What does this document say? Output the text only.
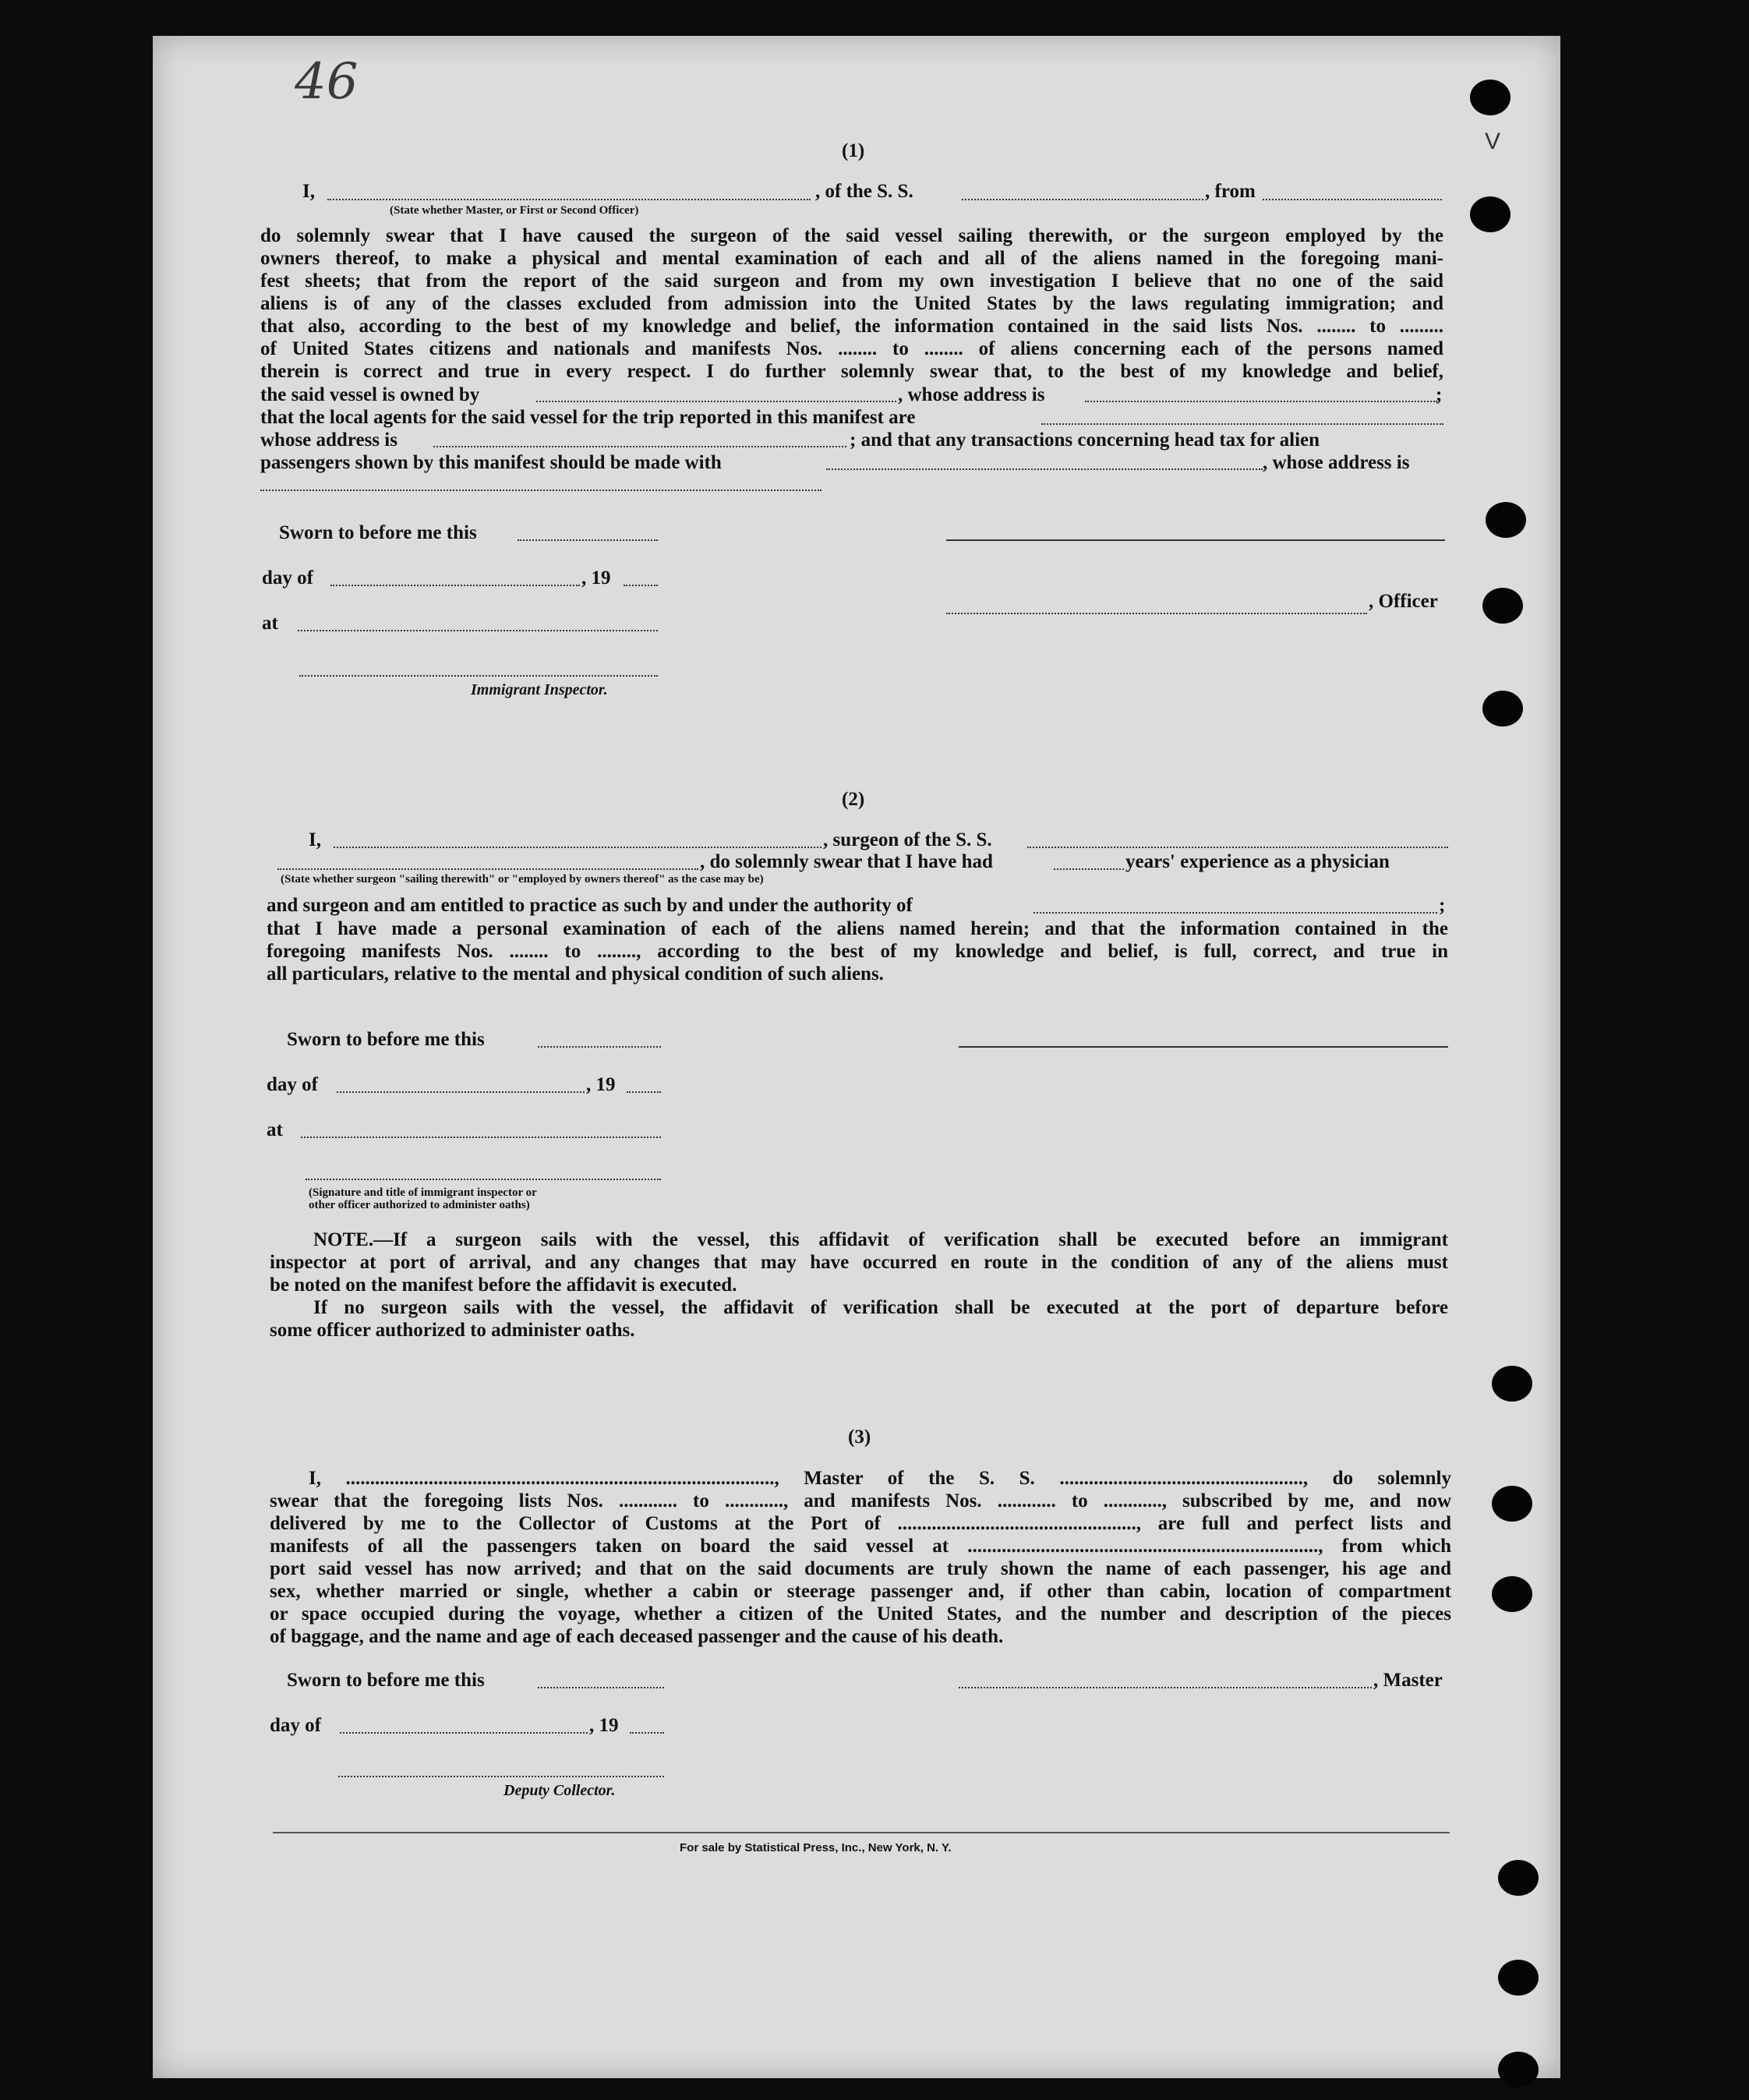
V
46
(1)
I,	, of the S. S.	, from
(State whether Master, or First or Second Officer)
do solemnly swear that I have caused the surgeon of the said vessel sailing therewith, or the surgeon employed by the
owners thereof, to make a physical and mental examination of each and all of the aliens named in the foregoing mani-
fest sheets; that from the report of the said surgeon and from my own investigation I believe that no one of the said
aliens is of any of the classes excluded from admission into the United States by the laws regulating immigration; and
that also, according to the best of my knowledge and belief, the information contained in the said lists Nos. ........ to .........
of United States citizens and nationals and manifests Nos. ........ to ........ of aliens concerning each of the persons named
therein is correct and true in every respect. I do further solemnly swear that, to the best of my knowledge and belief,
the said vessel is owned by	, whose address is	;
that the local agents for the said vessel for the trip reported in this manifest are
whose address is	; and that any transactions concerning head tax for alien
passengers shown by this manifest should be made with	, whose address is
Sworn to before me this
day of	, 19
, Officer
at
Immigrant Inspector.
(2)
I,	, surgeon of the S. S.
, do solemnly swear that I have had	years' experience as a physician
(State whether surgeon "sailing therewith" or "employed by owners thereof" as the case may be)
and surgeon and am entitled to practice as such by and under the authority of	;
that I have made a personal examination of each of the aliens named herein; and that the information contained in the
foregoing manifests Nos. ........ to ........, according to the best of my knowledge and belief, is full, correct, and true in
all particulars, relative to the mental and physical condition of such aliens.
Sworn to before me this
day of	, 19
at
(Signature and title of immigrant inspector or
other officer authorized to administer oaths)
NOTE.—If a surgeon sails with the vessel, this affidavit of verification shall be executed before an immigrant
inspector at port of arrival, and any changes that may have occurred en route in the condition of any of the aliens must
be noted on the manifest before the affidavit is executed.
If no surgeon sails with the vessel, the affidavit of verification shall be executed at the port of departure before
some officer authorized to administer oaths.
(3)
I, ........................................................................................, Master of the S. S. .................................................., do solemnly
swear that the foregoing lists Nos. ............ to ............, and manifests Nos. ............ to ............, subscribed by me, and now
delivered by me to the Collector of Customs at the Port of ................................................., are full and perfect lists and
manifests of all the passengers taken on board the said vessel at ........................................................................, from which
port said vessel has now arrived; and that on the said documents are truly shown the name of each passenger, his age and
sex, whether married or single, whether a cabin or steerage passenger and, if other than cabin, location of compartment
or space occupied during the voyage, whether a citizen of the United States, and the number and description of the pieces
of baggage, and the name and age of each deceased passenger and the cause of his death.
Sworn to before me this	, Master
day of	, 19
Deputy Collector.
For sale by Statistical Press, Inc., New York, N. Y.
